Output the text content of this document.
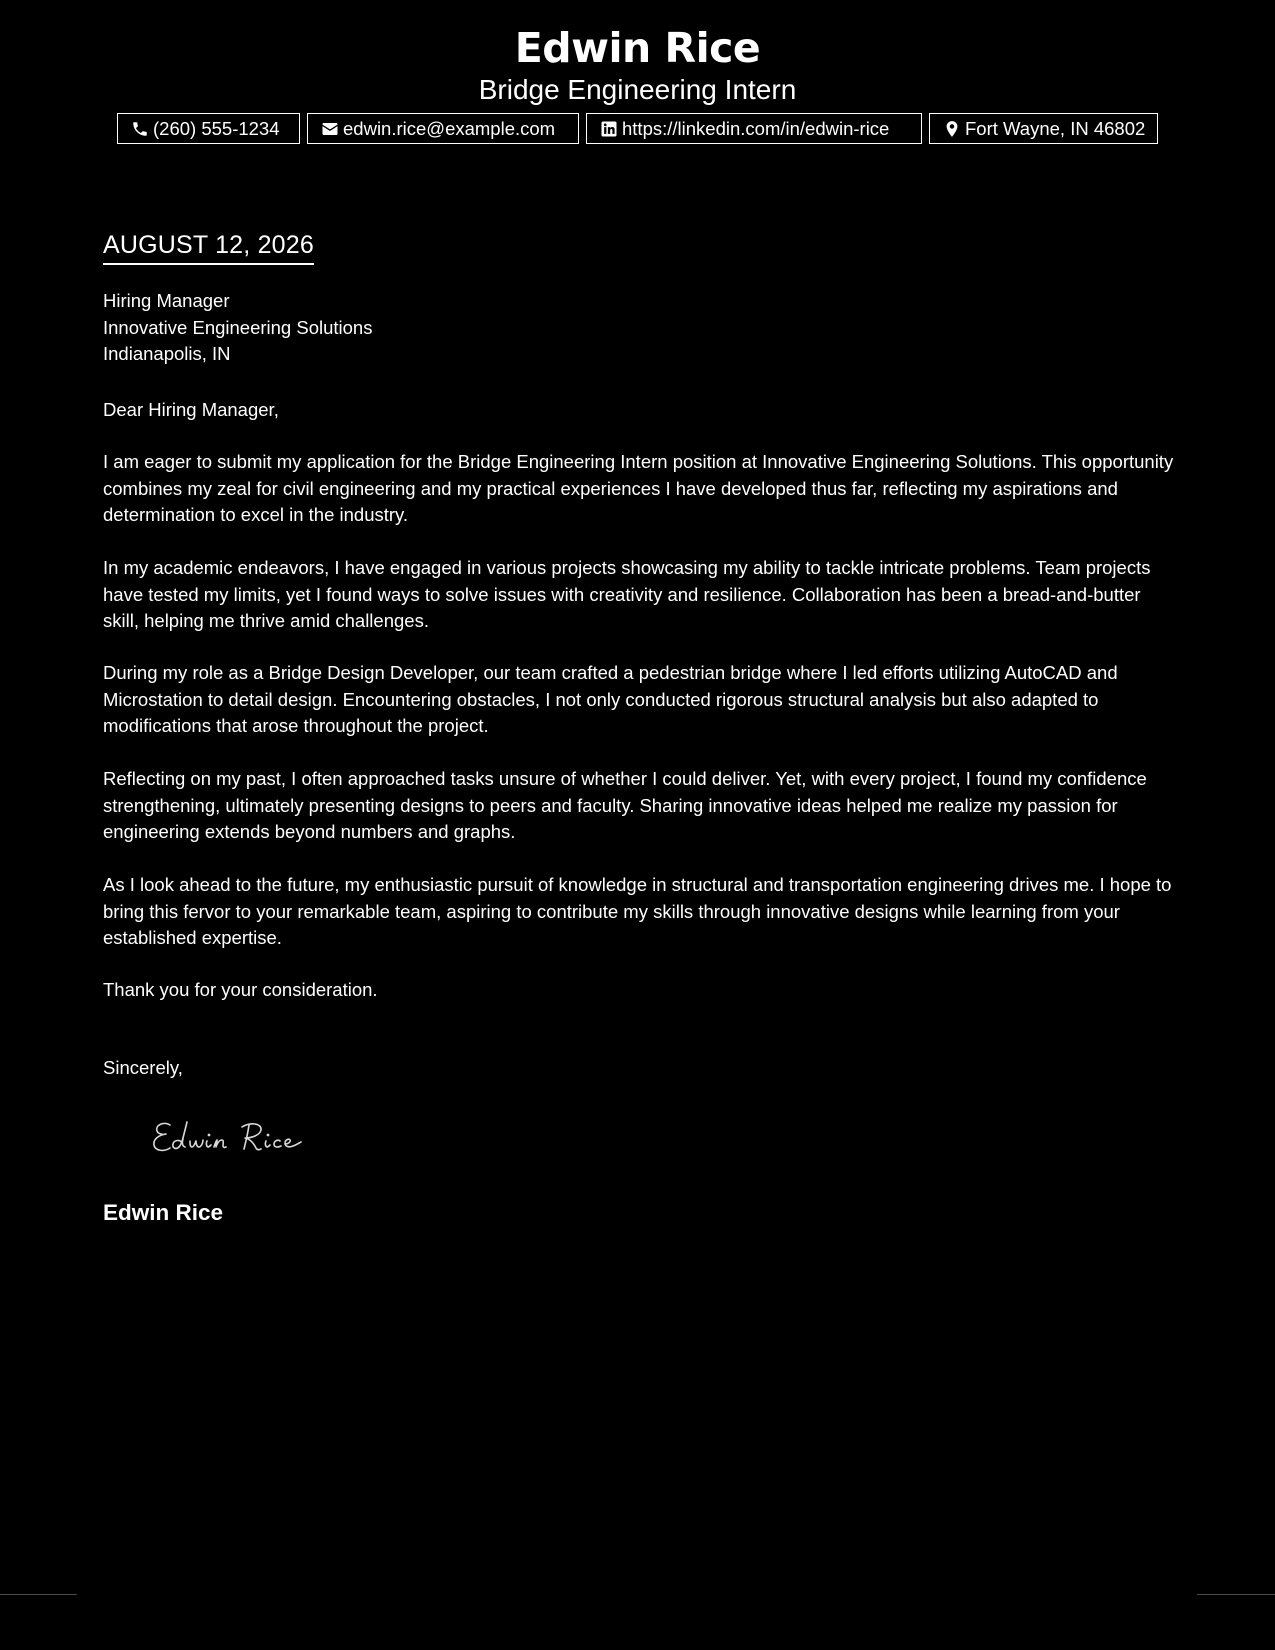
Edwin Rice
Bridge Engineering Intern
(260) 555-1234	edwin.rice@example.com	https://linkedin.com/in/edwin-rice	Fort Wayne, IN 46802
AUGUST 12, 2026
Hiring Manager
Innovative Engineering Solutions
Indianapolis, IN
Dear Hiring Manager,
I am eager to submit my application for the Bridge Engineering Intern position at Innovative Engineering Solutions. This opportunity combines my zeal for civil engineering and my practical experiences I have developed thus far, reflecting my aspirations and determination to excel in the industry.
In my academic endeavors, I have engaged in various projects showcasing my ability to tackle intricate problems. Team projects have tested my limits, yet I found ways to solve issues with creativity and resilience. Collaboration has been a bread-and-butter skill, helping me thrive amid challenges.
During my role as a Bridge Design Developer, our team crafted a pedestrian bridge where I led efforts utilizing AutoCAD and Microstation to detail design. Encountering obstacles, I not only conducted rigorous structural analysis but also adapted to modifications that arose throughout the project.
Reflecting on my past, I often approached tasks unsure of whether I could deliver. Yet, with every project, I found my confidence strengthening, ultimately presenting designs to peers and faculty. Sharing innovative ideas helped me realize my passion for engineering extends beyond numbers and graphs.
As I look ahead to the future, my enthusiastic pursuit of knowledge in structural and transportation engineering drives me. I hope to bring this fervor to your remarkable team, aspiring to contribute my skills through innovative designs while learning from your established expertise.
Thank you for your consideration.
Sincerely,
Edwin Rice
